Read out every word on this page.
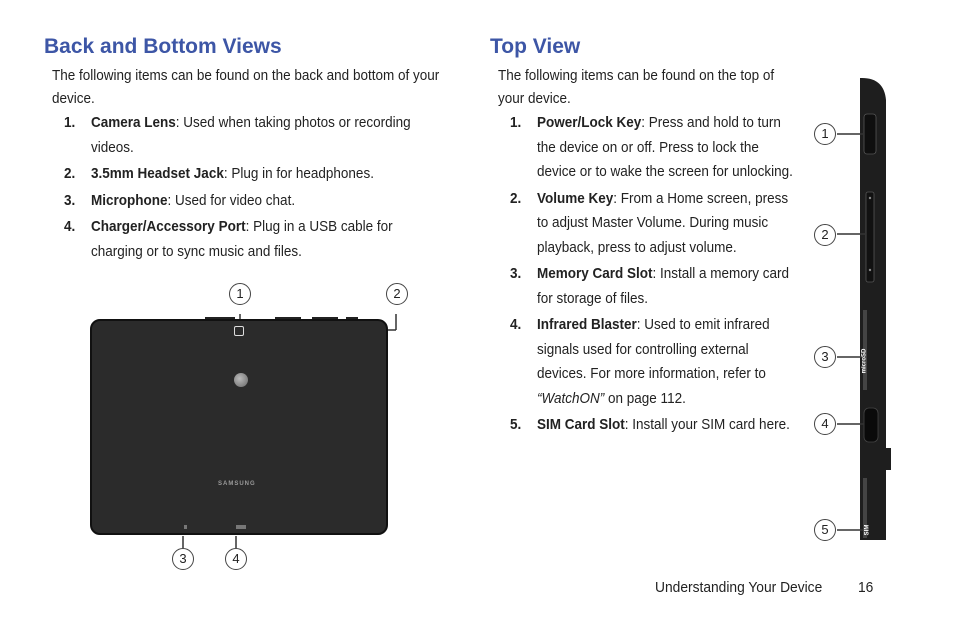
Back and Bottom Views
The following items can be found on the back and bottom of your device.
1. Camera Lens: Used when taking photos or recording videos.
2. 3.5mm Headset Jack: Plug in for headphones.
3. Microphone: Used for video chat.
4. Charger/Accessory Port: Plug in a USB cable for charging or to sync music and files.
SAMSUNG
1	2
3	4
Top View
The following items can be found on the top of your device.
1. Power/Lock Key: Press and hold to turn the device on or off. Press to lock the device or to wake the screen for unlocking.
2. Volume Key: From a Home screen, press to adjust Master Volume. During music playback, press to adjust volume.
3. Memory Card Slot: Install a memory card for storage of files.
4. Infrared Blaster: Used to emit infrared signals used for controlling external devices. For more information, refer to “WatchON” on page 112.
5. SIM Card Slot: Install your SIM card here.
microSD
SIM
1
2
3
4
5
Understanding Your Device 16
